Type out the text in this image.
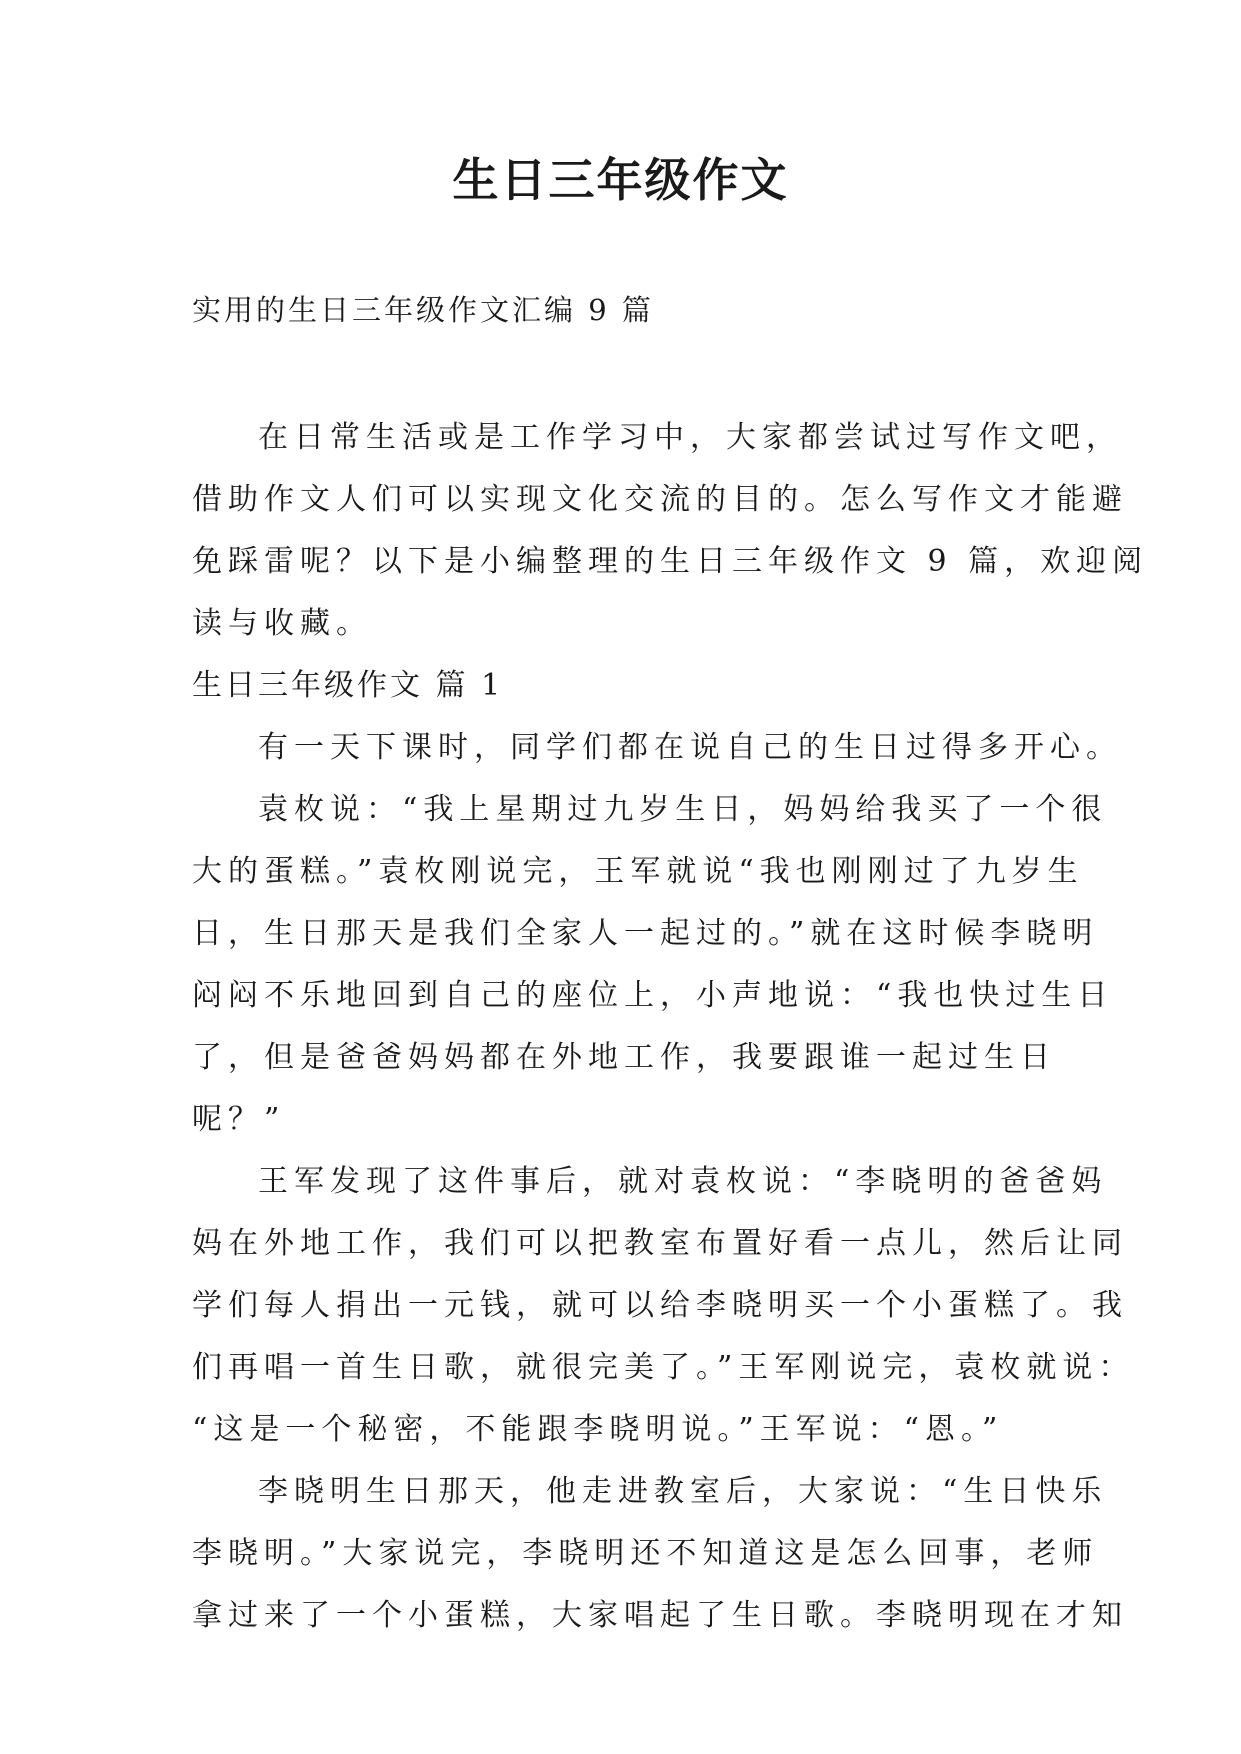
生日三年级作文
实用的生日三年级作文汇编 9 篇
在日常生活或是工作学习中，大家都尝试过写作文吧，
借助作文人们可以实现文化交流的目的。怎么写作文才能避
免踩雷呢？以下是小编整理的生日三年级作文 9 篇，欢迎阅
读与收藏。
生日三年级作文 篇 1
有一天下课时，同学们都在说自己的生日过得多开心。
袁枚说：“我上星期过九岁生日，妈妈给我买了一个很
大的蛋糕。”袁枚刚说完，王军就说“我也刚刚过了九岁生
日，生日那天是我们全家人一起过的。”就在这时候李晓明
闷闷不乐地回到自己的座位上，小声地说：“我也快过生日
了，但是爸爸妈妈都在外地工作，我要跟谁一起过生日
呢？”
王军发现了这件事后，就对袁枚说：“李晓明的爸爸妈
妈在外地工作，我们可以把教室布置好看一点儿，然后让同
学们每人捐出一元钱，就可以给李晓明买一个小蛋糕了。我
们再唱一首生日歌，就很完美了。”王军刚说完，袁枚就说：
“这是一个秘密，不能跟李晓明说。”王军说：“恩。”
李晓明生日那天，他走进教室后，大家说：“生日快乐
李晓明。”大家说完，李晓明还不知道这是怎么回事，老师
拿过来了一个小蛋糕，大家唱起了生日歌。李晓明现在才知
